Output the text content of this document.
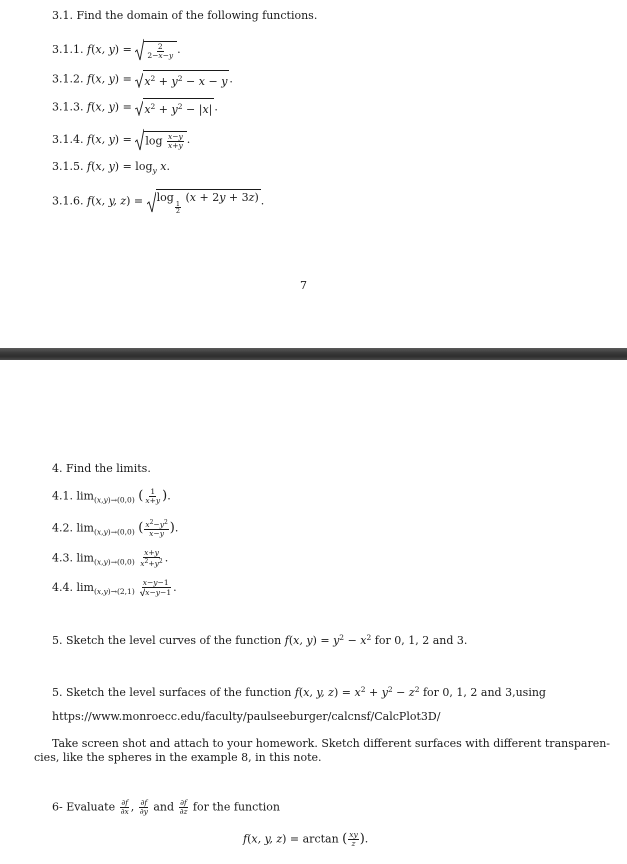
3.1. Find the domain of the following functions.
3.1.1. f(x, $y) = \frac{2}{2-x-y}$ .
3.1.2. f(x, $y) = x^2 + y^2 - x - y$ .
3.1.3. f(x, $y) = x^2 + y^2 - |x|$ .
3.1.4. f(x, $y) = \log \frac{x-y}{x+y}$ .
3.1.5. f(x, $y) = \log_y x$.
3.1.6. f(x, y, z) = log
$\frac{1}{2}$
(x + 2y + 3z) .
7
4. Find the limits.
4.1. $\lim_{(x,y)\to(0,0)}$ ( $\frac{1}{x+y}$ ).
4.2. $\lim_{(x,y)\to(0,0)}$ ( $\frac{x^2-y^2}{x-y}$ ).
4.3. $\lim_{(x,y)\to(0,0)} \frac{x+y}{x^2+y^2}$ .
4.4. $\lim_{(x,y)\to(2,1)} \frac{x-y-1}{x-y-1}$ .
5. Sketch the level curves of the function f(x, $y) = y^2 - x^2$ for 0, 1, 2 and 3.
5. Sketch the level surfaces of the function f(x, y, $z) = x^2 + y^2 - z^2$ for 0, 1, 2 and 3,using
https://www.monroecc.edu/faculty/paulseeburger/calcnsf/CalcPlot3D/
Take screen shot and attach to your homework. Sketch different surfaces with different transparen-
cies, like the spheres in the example 8, in this note.
6- Evaluate $\frac{\partial f}{\partial x}$ , $\frac{\partial f}{\partial y}$ and $\frac{\partial f}{\partial z}$ for the function
f(x, y, z) = arctan ( $\frac{xy}{z}$ ).
